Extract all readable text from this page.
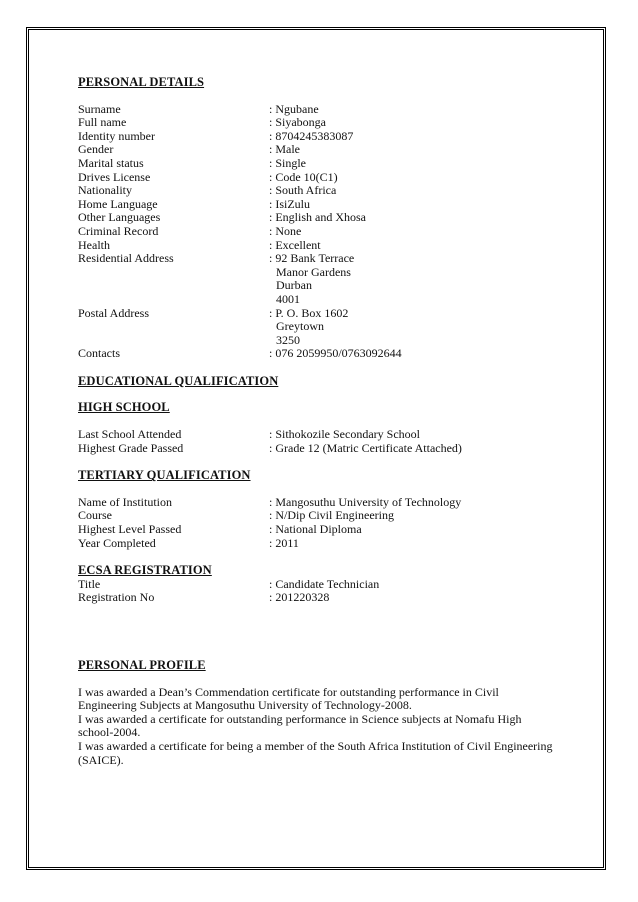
PERSONAL DETAILS
Surname	: Ngubane
Full name	: Siyabonga
Identity number	: 8704245383087
Gender	: Male
Marital status	: Single
Drives License	: Code 10(C1)
Nationality	: South Africa
Home Language	: IsiZulu
Other Languages	: English and Xhosa
Criminal Record	: None
Health	: Excellent
Residential Address	: 92 Bank Terrace
Manor Gardens
Durban
4001
Postal Address	: P. O. Box 1602
Greytown
3250
Contacts	: 076 2059950/0763092644
EDUCATIONAL QUALIFICATION
HIGH SCHOOL
Last School Attended	: Sithokozile Secondary School
Highest Grade Passed	: Grade 12 (Matric Certificate Attached)
TERTIARY QUALIFICATION
Name of Institution	: Mangosuthu University of Technology
Course	: N/Dip Civil Engineering
Highest Level Passed	: National Diploma
Year Completed	: 2011
ECSA REGISTRATION
Title	: Candidate Technician
Registration No	: 201220328
PERSONAL PROFILE
I was awarded a Dean’s Commendation certificate for outstanding performance in Civil Engineering Subjects at Mangosuthu University of Technology-2008.
I was awarded a certificate for outstanding performance in Science subjects at Nomafu High school-2004.
I was awarded a certificate for being a member of the South Africa Institution of Civil Engineering (SAICE).
